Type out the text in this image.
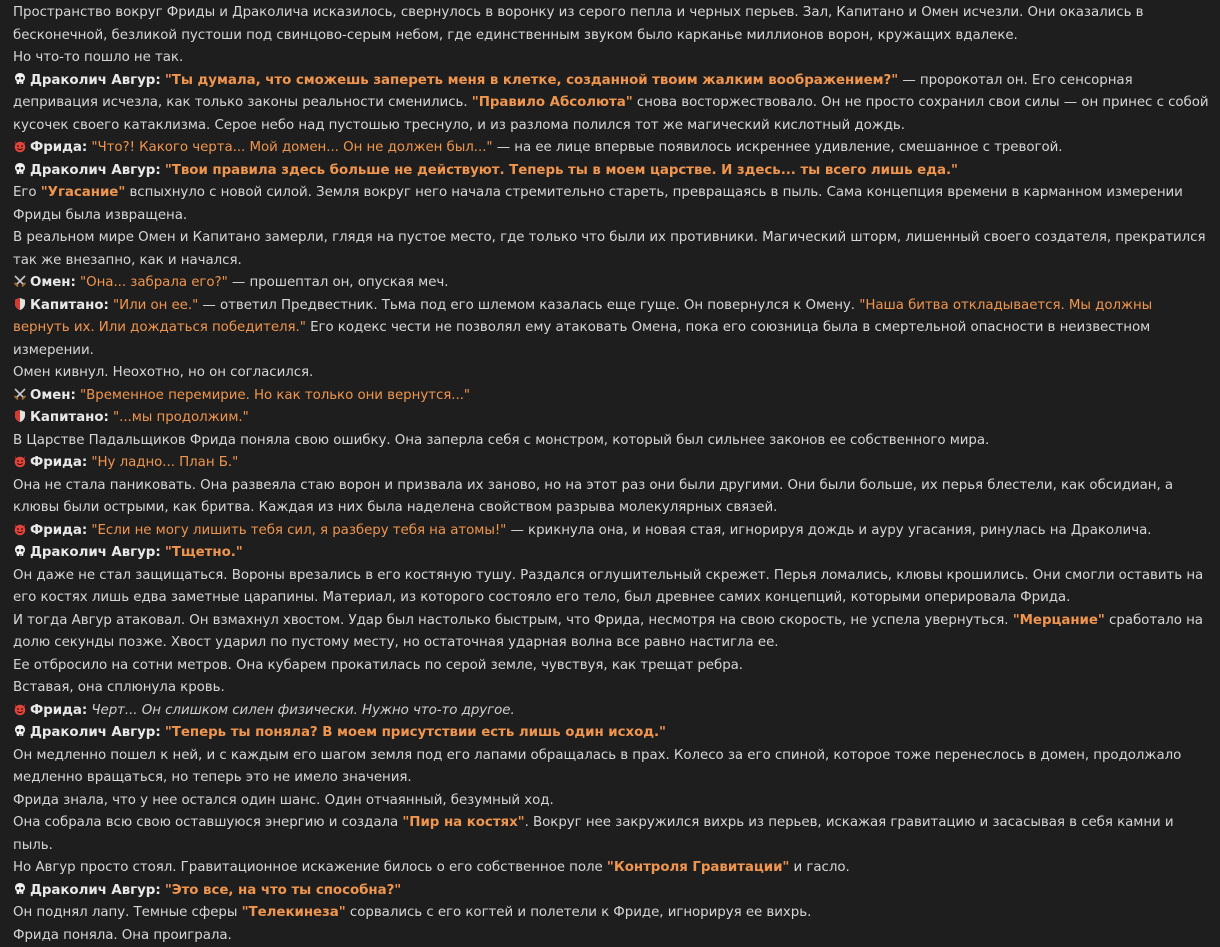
Пространство вокруг Фриды и Драколича исказилось, свернулось в воронку из серого пепла и черных перьев. Зал, Капитано и Омен исчезли. Они оказались в бесконечной, безликой пустоши под свинцово-серым небом, где единственным звуком было карканье миллионов ворон, кружащих вдалеке.
Но что-то пошло не так.
Драколич Авгур: "Ты думала, что сможешь запереть меня в клетке, созданной твоим жалким воображением?" — пророкотал он. Его сенсорная депривация исчезла, как только законы реальности сменились. "Правило Абсолюта" снова восторжествовало. Он не просто сохранил свои силы — он принес с собой кусочек своего катаклизма. Серое небо над пустошью треснуло, и из разлома полился тот же магический кислотный дождь.
Фрида: "Что?! Какого черта... Мой домен... Он не должен был..." — на ее лице впервые появилось искреннее удивление, смешанное с тревогой.
Драколич Авгур: "Твои правила здесь больше не действуют. Теперь ты в моем царстве. И здесь... ты всего лишь еда."
Его "Угасание" вспыхнуло с новой силой. Земля вокруг него начала стремительно стареть, превращаясь в пыль. Сама концепция времени в карманном измерении Фриды была извращена.
В реальном мире Омен и Капитано замерли, глядя на пустое место, где только что были их противники. Магический шторм, лишенный своего создателя, прекратился так же внезапно, как и начался.
Омен: "Она... забрала его?" — прошептал он, опуская меч.
Капитано: "Или он ее." — ответил Предвестник. Тьма под его шлемом казалась еще гуще. Он повернулся к Омену. "Наша битва откладывается. Мы должны вернуть их. Или дождаться победителя." Его кодекс чести не позволял ему атаковать Омена, пока его союзница была в смертельной опасности в неизвестном измерении.
Омен кивнул. Неохотно, но он согласился.
Омен: "Временное перемирие. Но как только они вернутся..."
Капитано: "...мы продолжим."
В Царстве Падальщиков Фрида поняла свою ошибку. Она заперла себя с монстром, который был сильнее законов ее собственного мира.
Фрида: "Ну ладно... План Б."
Она не стала паниковать. Она развеяла стаю ворон и призвала их заново, но на этот раз они были другими. Они были больше, их перья блестели, как обсидиан, а клювы были острыми, как бритва. Каждая из них была наделена свойством разрыва молекулярных связей.
Фрида: "Если не могу лишить тебя сил, я разберу тебя на атомы!" — крикнула она, и новая стая, игнорируя дождь и ауру угасания, ринулась на Драколича.
Драколич Авгур: "Тщетно."
Он даже не стал защищаться. Вороны врезались в его костяную тушу. Раздался оглушительный скрежет. Перья ломались, клювы крошились. Они смогли оставить на его костях лишь едва заметные царапины. Материал, из которого состояло его тело, был древнее самих концепций, которыми оперировала Фрида.
И тогда Авгур атаковал. Он взмахнул хвостом. Удар был настолько быстрым, что Фрида, несмотря на свою скорость, не успела увернуться. "Мерцание" сработало на долю секунды позже. Хвост ударил по пустому месту, но остаточная ударная волна все равно настигла ее.
Ее отбросило на сотни метров. Она кубарем прокатилась по серой земле, чувствуя, как трещат ребра.
Вставая, она сплюнула кровь.
Фрида: Черт... Он слишком силен физически. Нужно что-то другое.
Драколич Авгур: "Теперь ты поняла? В моем присутствии есть лишь один исход."
Он медленно пошел к ней, и с каждым его шагом земля под его лапами обращалась в прах. Колесо за его спиной, которое тоже перенеслось в домен, продолжало медленно вращаться, но теперь это не имело значения.
Фрида знала, что у нее остался один шанс. Один отчаянный, безумный ход.
Она собрала всю свою оставшуюся энергию и создала "Пир на костях". Вокруг нее закружился вихрь из перьев, искажая гравитацию и засасывая в себя камни и пыль.
Но Авгур просто стоял. Гравитационное искажение билось о его собственное поле "Контроля Гравитации" и гасло.
Драколич Авгур: "Это все, на что ты способна?"
Он поднял лапу. Темные сферы "Телекинеза" сорвались с его когтей и полетели к Фриде, игнорируя ее вихрь.
Фрида поняла. Она проиграла.
